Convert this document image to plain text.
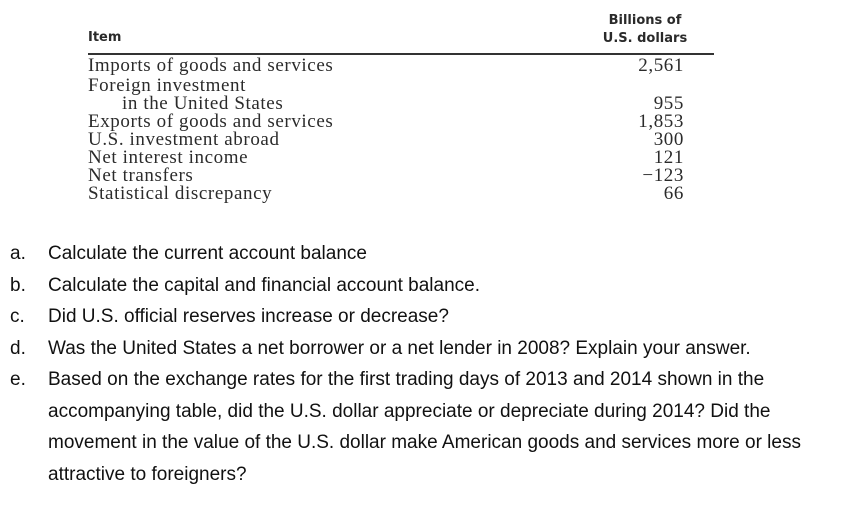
Item
Billions of
U.S. dollars
Imports of goods and services	2,561
Foreign investment
in the United States	955
Exports of goods and services	1,853
U.S. investment abroad	300
Net interest income	121
Net transfers	−123
Statistical discrepancy	66
a. Calculate the current account balance
b. Calculate the capital and financial account balance.
c. Did U.S. official reserves increase or decrease?
d. Was the United States a net borrower or a net lender in 2008? Explain your answer.
e. Based on the exchange rates for the first trading days of 2013 and 2014 shown in the accompanying table, did the U.S. dollar appreciate or depreciate during 2014? Did the movement in the value of the U.S. dollar make American goods and services more or less attractive to foreigners?
